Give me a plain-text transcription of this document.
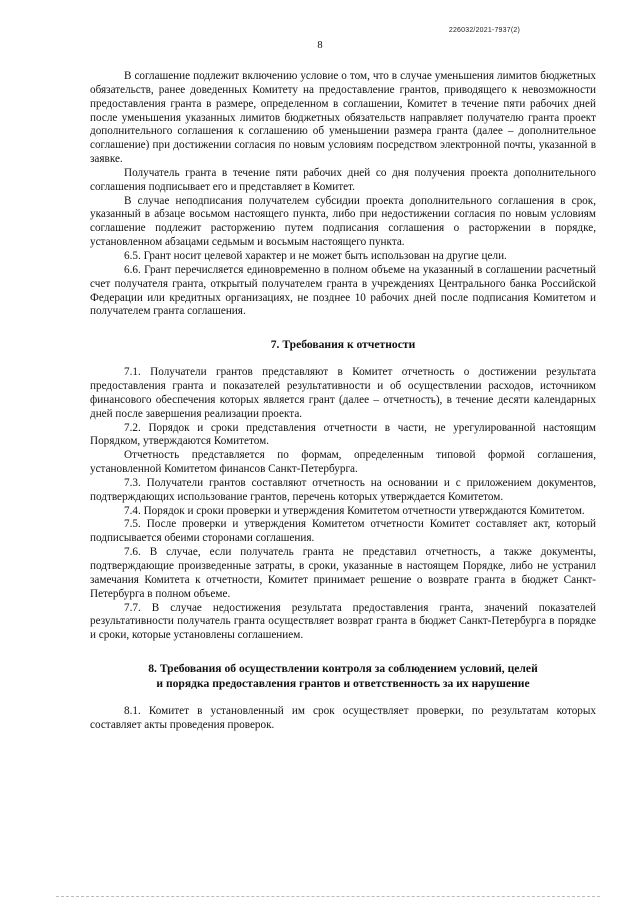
226032/2021-7937(2)
8

В соглашение подлежит включению условие о том, что в случае уменьшения лимитов бюджетных обязательств, ранее доведенных Комитету на предоставление грантов, приводящего к невозможности предоставления гранта в размере, определенном в соглашении, Комитет в течение пяти рабочих дней после уменьшения указанных лимитов бюджетных обязательств направляет получателю гранта проект дополнительного соглашения к соглашению об уменьшении размера гранта (далее – дополнительное соглашение) при достижении согласия по новым условиям посредством электронной почты, указанной в заявке.

Получатель гранта в течение пяти рабочих дней со дня получения проекта дополнительного соглашения подписывает его и представляет в Комитет.

В случае неподписания получателем субсидии проекта дополнительного соглашения в срок, указанный в абзаце восьмом настоящего пункта, либо при недостижении согласия по новым условиям соглашение подлежит расторжению путем подписания соглашения о расторжении в порядке, установленном абзацами седьмым и восьмым настоящего пункта.

6.5. Грант носит целевой характер и не может быть использован на другие цели.

6.6. Грант перечисляется единовременно в полном объеме на указанный в соглашении расчетный счет получателя гранта, открытый получателем гранта в учреждениях Центрального банка Российской Федерации или кредитных организациях, не позднее 10 рабочих дней после подписания Комитетом и получателем гранта соглашения.

7. Требования к отчетности

7.1. Получатели грантов представляют в Комитет отчетность о достижении результата предоставления гранта и показателей результативности и об осуществлении расходов, источником финансового обеспечения которых является грант (далее – отчетность), в течение десяти календарных дней после завершения реализации проекта.

7.2. Порядок и сроки представления отчетности в части, не урегулированной настоящим Порядком, утверждаются Комитетом.

Отчетность представляется по формам, определенным типовой формой соглашения, установленной Комитетом финансов Санкт-Петербурга.

7.3. Получатели грантов составляют отчетность на основании и с приложением документов, подтверждающих использование грантов, перечень которых утверждается Комитетом.

7.4. Порядок и сроки проверки и утверждения Комитетом отчетности утверждаются Комитетом.

7.5. После проверки и утверждения Комитетом отчетности Комитет составляет акт, который подписывается обеими сторонами соглашения.

7.6. В случае, если получатель гранта не представил отчетность, а также документы, подтверждающие произведенные затраты, в сроки, указанные в настоящем Порядке, либо не устранил замечания Комитета к отчетности, Комитет принимает решение о возврате гранта в бюджет Санкт-Петербурга в полном объеме.

7.7. В случае недостижения результата предоставления гранта, значений показателей результативности получатель гранта осуществляет возврат гранта в бюджет Санкт-Петербурга в порядке и сроки, которые установлены соглашением.

8. Требования об осуществлении контроля за соблюдением условий, целей
и порядка предоставления грантов и ответственность за их нарушение

8.1. Комитет в установленный им срок осуществляет проверки, по результатам которых составляет акты проведения проверок.
